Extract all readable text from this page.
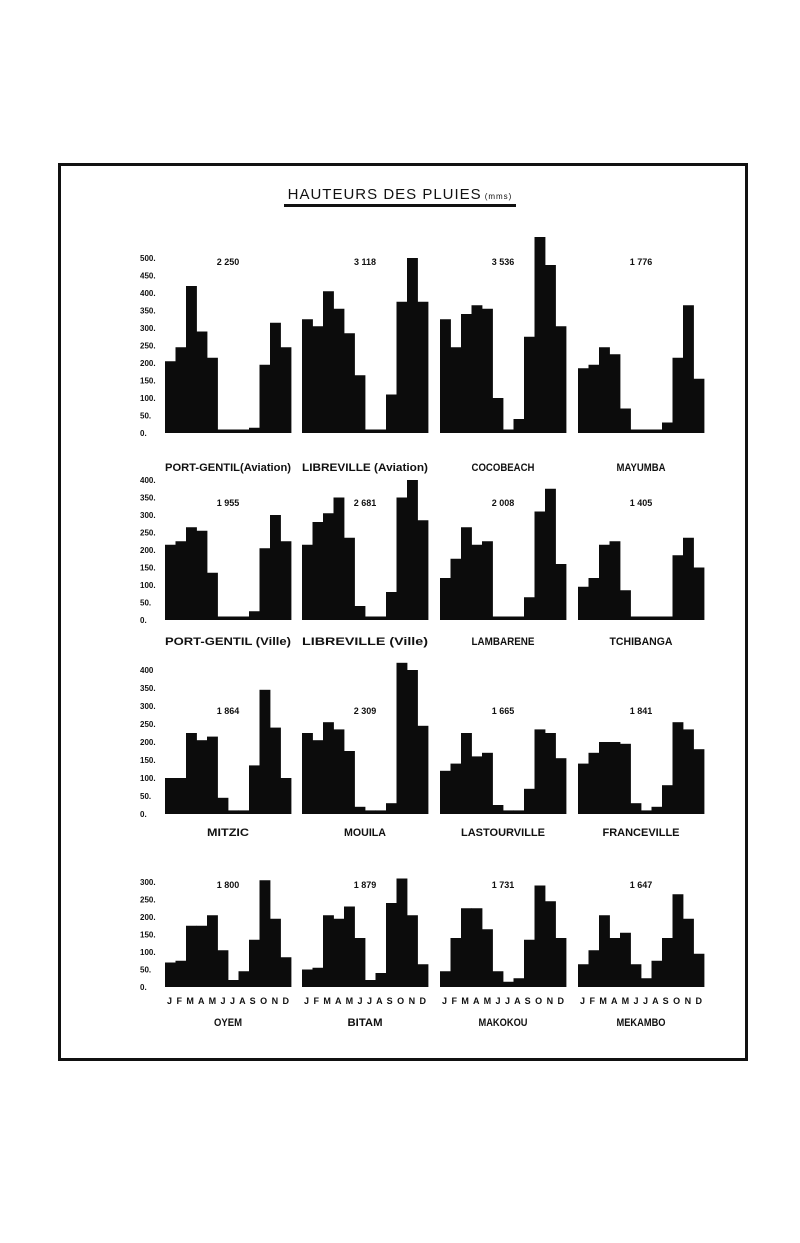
HAUTEURS DES PLUIES (mms)
500.
450.
400.
350.
300.
250.
200.
150.
100.
50.
0.
2 250
PORT-GENTIL(Aviation)
3 118
LIBREVILLE (Aviation)
3 536
COCOBEACH
1 776
MAYUMBA
400.
350.
300.
250.
200.
150.
100.
50.
0.
1 955
PORT-GENTIL (Ville)
2 681
LIBREVILLE (Ville)
2 008
LAMBARENE
1 405
TCHIBANGA
400
350.
300.
250.
200.
150.
100.
50.
0.
1 864
MITZIC
2 309
MOUILA
1 665
LASTOURVILLE
1 841
FRANCEVILLE
300.
250.
200.
150.
100.
50.
0.
1 800
OYEM
J F M A M J J A S O N D
1 879
BITAM
J F M A M J J A S O N D
1 731
MAKOKOU
J F M A M J J A S O N D
1 647
MEKAMBO
J F M A M J J A S O N D
